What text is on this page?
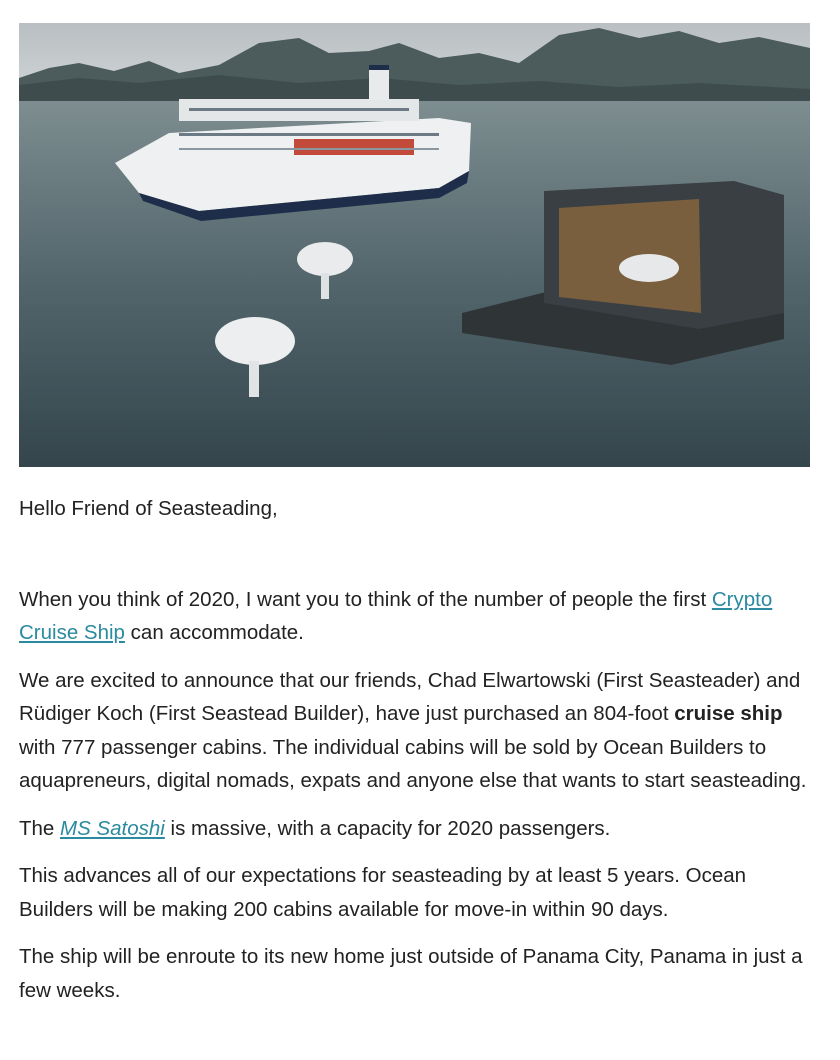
Hello Friend of Seasteading,

When you think of 2020, I want you to think of the number of people the first Crypto Cruise Ship can accommodate.

We are excited to announce that our friends, Chad Elwartowski (First Seasteader) and Rüdiger Koch (First Seastead Builder), have just purchased an 804-foot cruise ship with 777 passenger cabins. The individual cabins will be sold by Ocean Builders to aquapreneurs, digital nomads, expats and anyone else that wants to start seasteading.

The MS Satoshi is massive, with a capacity for 2020 passengers.

This advances all of our expectations for seasteading by at least 5 years. Ocean Builders will be making 200 cabins available for move-in within 90 days.

The ship will be enroute to its new home just outside of Panama City, Panama in just a few weeks.
